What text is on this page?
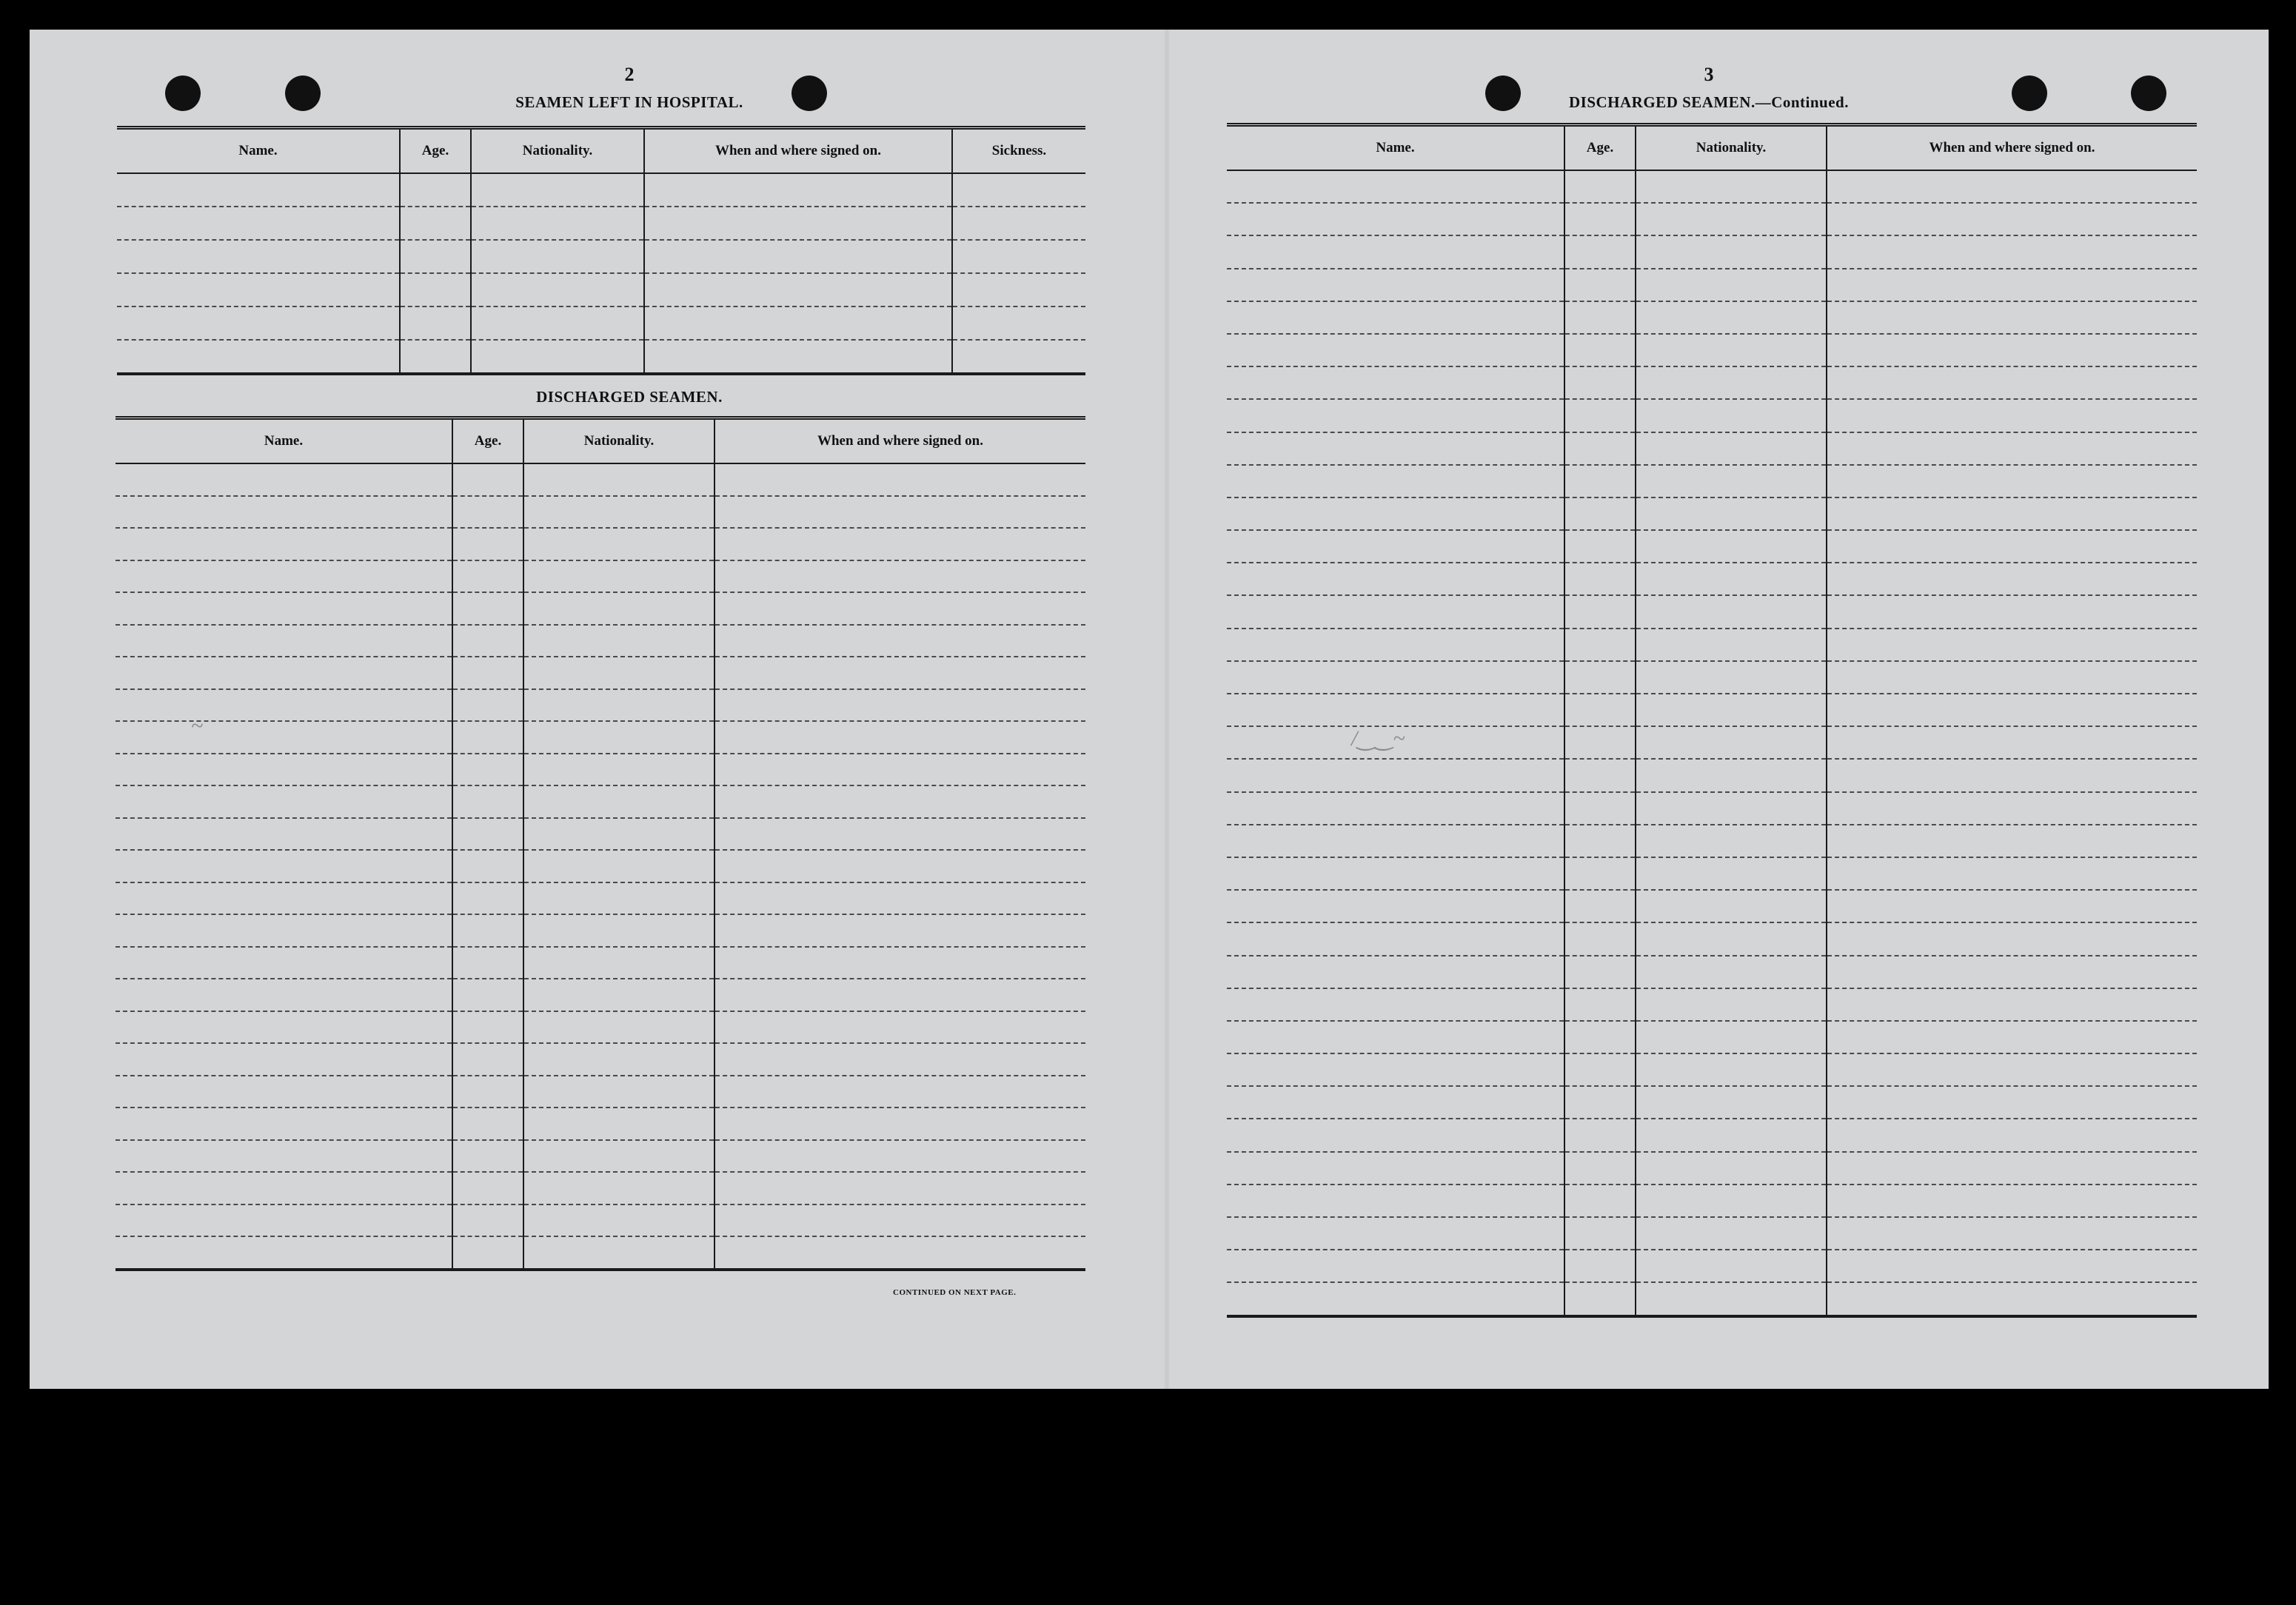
2
SEAMEN LEFT IN HOSPITAL.
Name.	Age.	Nationality.	When and where signed on.	Sickness.

DISCHARGED SEAMEN.
Name.	Age.	Nationality.	When and where signed on.

CONTINUED ON NEXT PAGE.
~
3
DISCHARGED SEAMEN.—Continued.
Name.	Age.	Nationality.	When and where signed on.

/‿‿~
